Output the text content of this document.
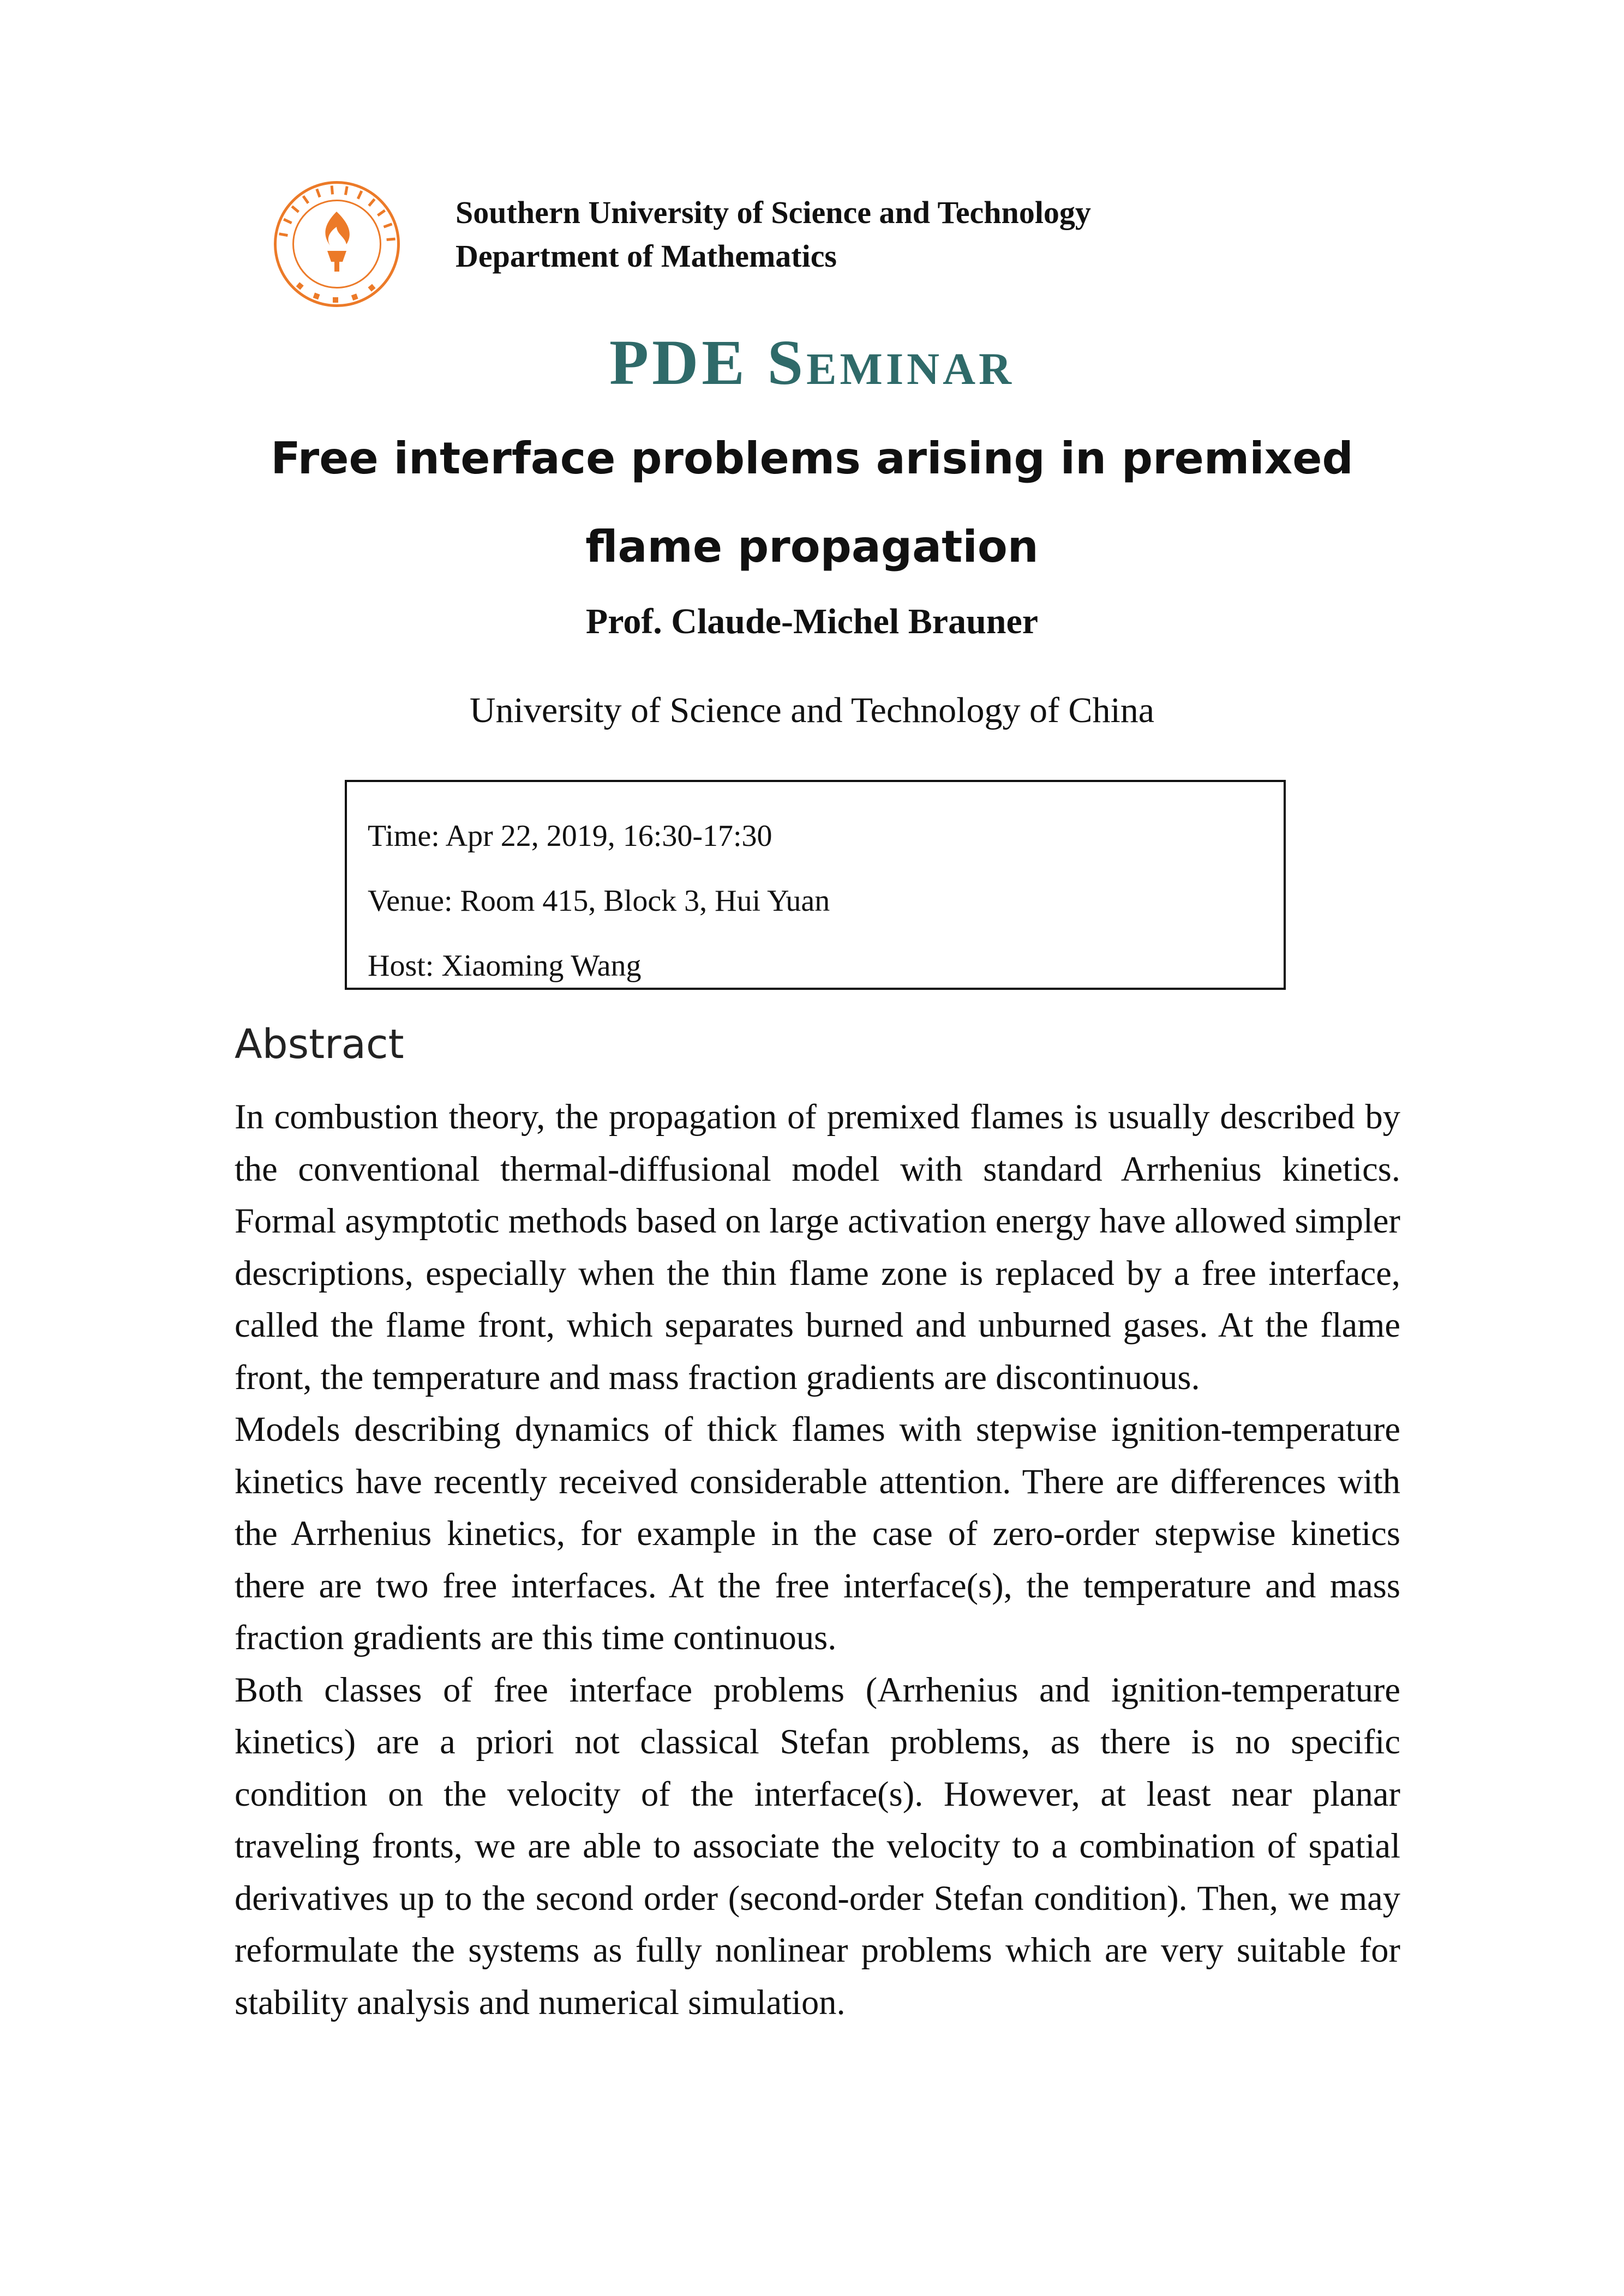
Southern University of Science and Technology
Department of Mathematics
PDE Seminar
Free interface problems arising in premixed flame propagation
Prof. Claude-Michel Brauner
University of Science and Technology of China
Time: Apr 22, 2019, 16:30-17:30
Venue: Room 415, Block 3, Hui Yuan
Host: Xiaoming Wang
Abstract

In combustion theory, the propagation of premixed flames is usually described by the conventional thermal-diffusional model with standard Arrhenius kinetics. Formal asymptotic methods based on large activation energy have allowed simpler descriptions, especially when the thin flame zone is replaced by a free interface, called the flame front, which separates burned and unburned gases. At the flame front, the temperature and mass fraction gradients are discontinuous.

Models describing dynamics of thick flames with stepwise ignition-temperature kinetics have recently received considerable attention. There are differences with the Arrhenius kinetics, for example in the case of zero-order stepwise kinetics there are two free interfaces. At the free interface(s), the temperature and mass fraction gradients are this time continuous.

Both classes of free interface problems (Arrhenius and ignition-temperature kinetics) are a priori not classical Stefan problems, as there is no specific condition on the velocity of the interface(s). However, at least near planar traveling fronts, we are able to associate the velocity to a combination of spatial derivatives up to the second order (second-order Stefan condition). Then, we may reformulate the systems as fully nonlinear problems which are very suitable for stability analysis and numerical simulation.
